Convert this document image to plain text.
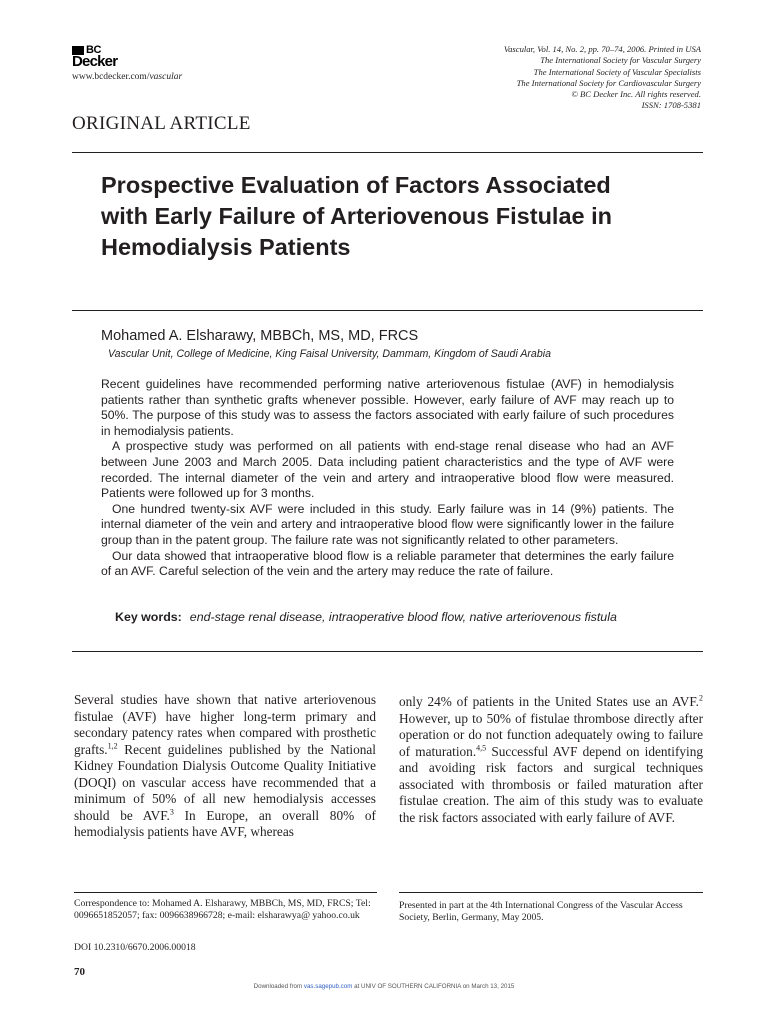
BC
Decker
www.bcdecker.com/vascular
Vascular, Vol. 14, No. 2, pp. 70–74, 2006. Printed in USA
The International Society for Vascular Surgery
The International Society of Vascular Specialists
The International Society for Cardiovascular Surgery
© BC Decker Inc. All rights reserved.
ISSN: 1708-5381
ORIGINAL ARTICLE
Prospective Evaluation of Factors Associated with Early Failure of Arteriovenous Fistulae in Hemodialysis Patients
Mohamed A. Elsharawy, MBBCh, MS, MD, FRCS
Vascular Unit, College of Medicine, King Faisal University, Dammam, Kingdom of Saudi Arabia

Recent guidelines have recommended performing native arteriovenous fistulae (AVF) in hemodialysis patients rather than synthetic grafts whenever possible. However, early failure of AVF may reach up to 50%. The purpose of this study was to assess the factors associated with early failure of such procedures in hemodialysis patients.

A prospective study was performed on all patients with end-stage renal disease who had an AVF between June 2003 and March 2005. Data including patient characteristics and the type of AVF were recorded. The internal diameter of the vein and artery and intraoperative blood flow were measured. Patients were followed up for 3 months.

One hundred twenty-six AVF were included in this study. Early failure was in 14 (9%) patients. The internal diameter of the vein and artery and intraoperative blood flow were significantly lower in the failure group than in the patent group. The failure rate was not significantly related to other parameters.

Our data showed that intraoperative blood flow is a reliable parameter that determines the early failure of an AVF. Careful selection of the vein and the artery may reduce the rate of failure.

Key words: end-stage renal disease, intraoperative blood flow, native arteriovenous fistula
Several studies have shown that native arteriovenous fistulae (AVF) have higher long-term primary and secondary patency rates when compared with prosthetic grafts.$^{1,2}$ Recent guidelines published by the National Kidney Foundation Dialysis Outcome Quality Initiative (DOQI) on vascular access have recommended that a minimum of 50% of all new hemodialysis accesses should be AVF.$^3$ In Europe, an overall 80% of hemodialysis patients have AVF, whereas
only 24% of patients in the United States use an AVF.$^2$ However, up to 50% of fistulae thrombose directly after operation or do not function adequately owing to failure of maturation.$^{4,5}$ Successful AVF depend on identifying and avoiding risk factors and surgical techniques associated with thrombosis or failed maturation after fistulae creation. The aim of this study was to evaluate the risk factors associated with early failure of AVF.
Correspondence to: Mohamed A. Elsharawy, MBBCh, MS, MD, FRCS; Tel: 0096651852057; fax: 0096638966728; e-mail: elsharawya@ yahoo.co.uk
Presented in part at the 4th International Congress of the Vascular Access Society, Berlin, Germany, May 2005.
DOI 10.2310/6670.2006.00018
70
Downloaded from vas.sagepub.com at UNIV OF SOUTHERN CALIFORNIA on March 13, 2015
